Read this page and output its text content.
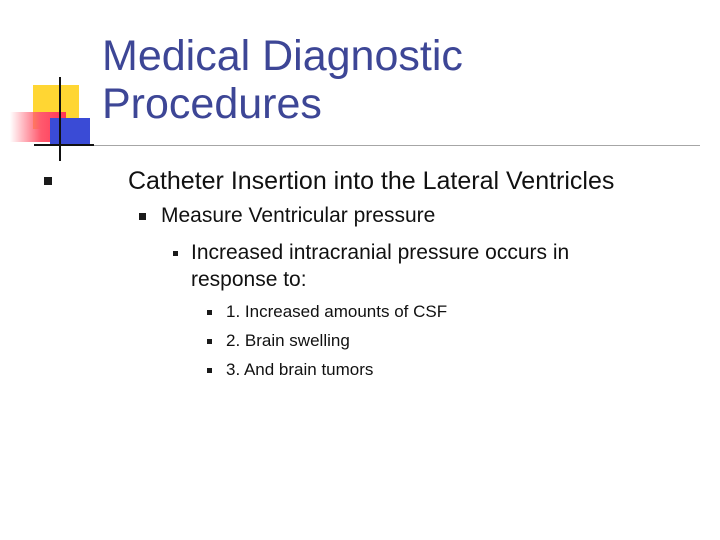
Medical Diagnostic
Procedures
Catheter Insertion into the Lateral Ventricles
Measure Ventricular pressure
Increased intracranial pressure occurs in
response to:
1. Increased amounts of CSF
2. Brain swelling
3. And brain tumors
